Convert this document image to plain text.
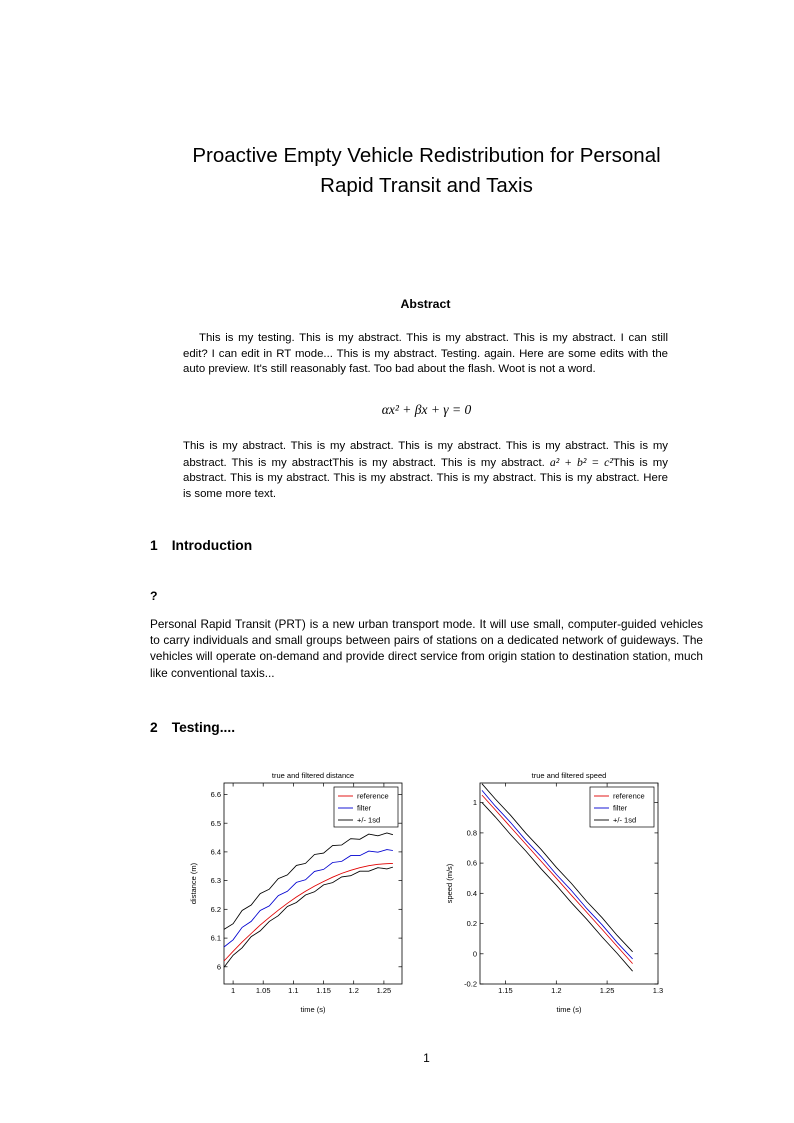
Proactive Empty Vehicle Redistribution for Personal
Rapid Transit and Taxis
Abstract

This is my testing. This is my abstract. This is my abstract. This is my abstract. I can still edit? I can edit in RT mode... This is my abstract. Testing. again. Here are some edits with the auto preview. It's still reasonably fast. Too bad about the flash. Woot is not a word.

αx² + βx + γ = 0

This is my abstract. This is my abstract. This is my abstract. This is my abstract. This is my abstract. This is my abstractThis is my abstract. This is my abstract. a² + b² = c²This is my abstract. This is my abstract. This is my abstract. This is my abstract. This is my abstract. Here is some more text.

1 Introduction
?

Personal Rapid Transit (PRT) is a new urban transport mode. It will use small, computer-guided vehicles to carry individuals and small groups between pairs of stations on a dedicated network of guideways. The vehicles will operate on-demand and provide direct service from origin station to destination station, much like conventional taxis...

2 Testing....
1	1.05 1.1 1.15 1.2 1.25
6
6.1
6.2
6.3
6.4
6.5
6.6
true and filtered distance
time (s)
distance (m)
reference
filter
+/- 1sd
1.15	1.2	1.25	1.3
-0.2
0
0.2
0.4
0.6
0.8
1
true and filtered speed
time (s)
speed (m/s)
reference
filter
+/- 1sd
1
